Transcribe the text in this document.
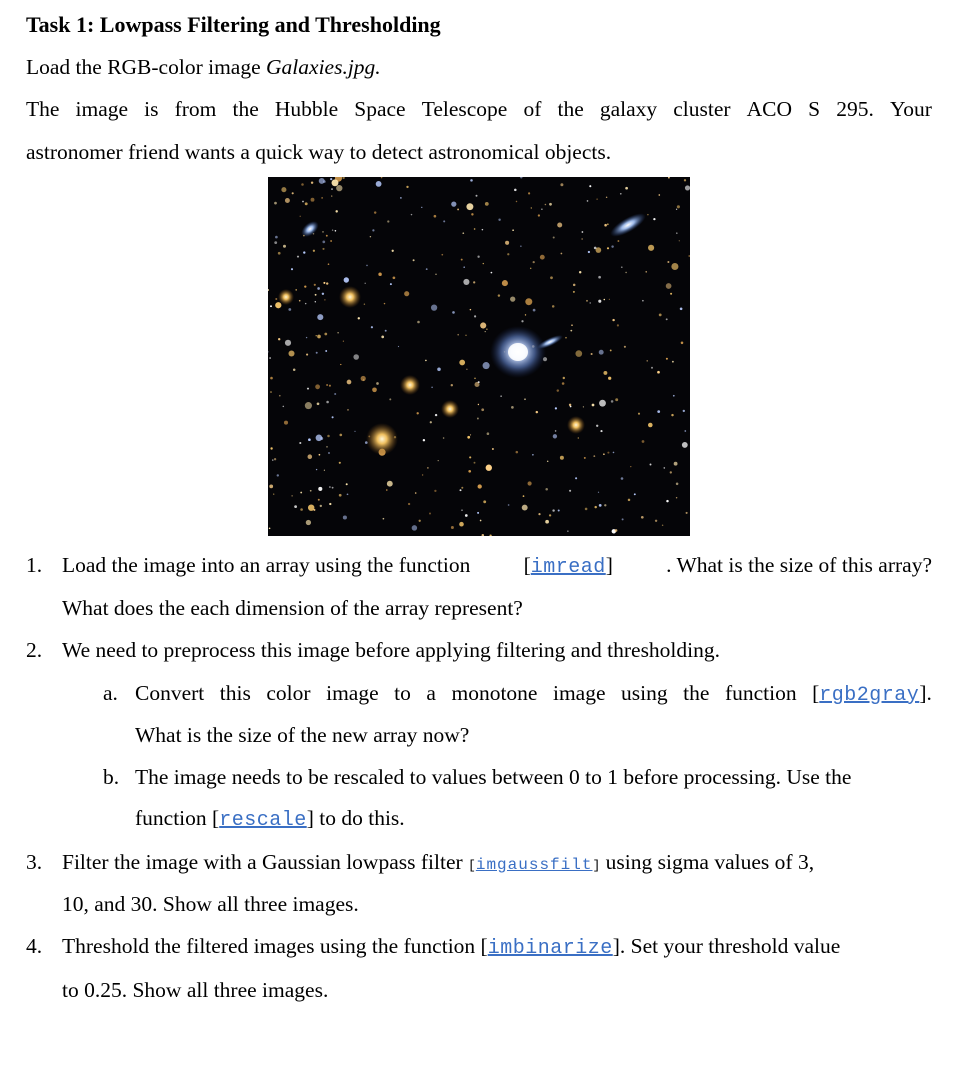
Task 1: Lowpass Filtering and Thresholding
Load the RGB-color image Galaxies.jpg.
The image is from the Hubble Space Telescope of the galaxy cluster ACO S 295. Your
astronomer friend wants a quick way to detect astronomical objects.
1. Load the image into an array using the function [imread] . What is the size of this array?
What does the each dimension of the array represent?
2. We need to preprocess this image before applying filtering and thresholding.
a. Convert this color image to a monotone image using the function [rgb2gray].
What is the size of the new array now?
b. The image needs to be rescaled to values between 0 to 1 before processing. Use the
function [rescale] to do this.
3. Filter the image with a Gaussian lowpass filter [imgaussfilt] using sigma values of 3,
10, and 30. Show all three images.
4. Threshold the filtered images using the function [imbinarize]. Set your threshold value
to 0.25. Show all three images.
